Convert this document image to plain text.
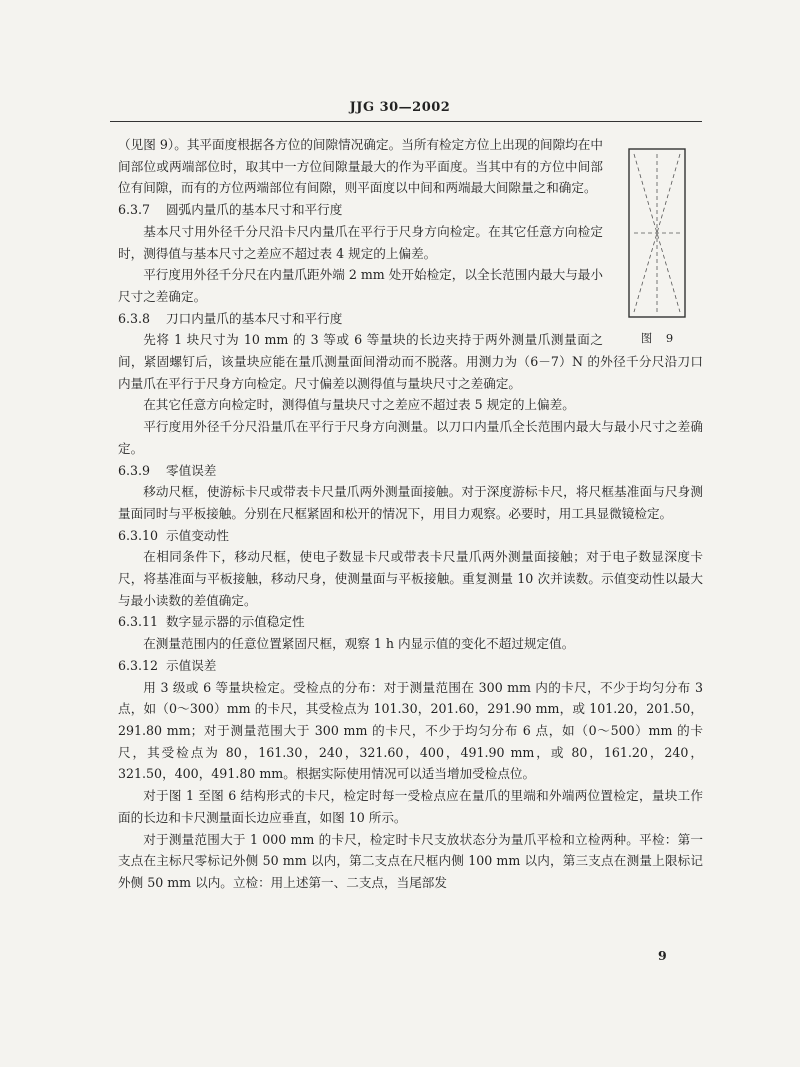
JJG 30—2002
图 9

（见图 9）。其平面度根据各方位的间隙情况确定。当所有检定方位上出现的间隙均在中间部位或两端部位时，取其中一方位间隙量最大的作为平面度。当其中有的方位中间部位有间隙，而有的方位两端部位有间隙，则平面度以中间和两端最大间隙量之和确定。

6.3.7 圆弧内量爪的基本尺寸和平行度

基本尺寸用外径千分尺沿卡尺内量爪在平行于尺身方向检定。在其它任意方向检定时，测得值与基本尺寸之差应不超过表 4 规定的上偏差。

平行度用外径千分尺在内量爪距外端 2 mm 处开始检定，以全长范围内最大与最小尺寸之差确定。

6.3.8 刀口内量爪的基本尺寸和平行度

先将 1 块尺寸为 10 mm 的 3 等或 6 等量块的长边夹持于两外测量爪测量面之间，紧固螺钉后，该量块应能在量爪测量面间滑动而不脱落。用测力为（6－7）N 的外径千分尺沿刀口内量爪在平行于尺身方向检定。尺寸偏差以测得值与量块尺寸之差确定。

在其它任意方向检定时，测得值与量块尺寸之差应不超过表 5 规定的上偏差。

平行度用外径千分尺沿量爪在平行于尺身方向测量。以刀口内量爪全长范围内最大与最小尺寸之差确定。

6.3.9 零值误差

移动尺框，使游标卡尺或带表卡尺量爪两外测量面接触。对于深度游标卡尺，将尺框基准面与尺身测量面同时与平板接触。分别在尺框紧固和松开的情况下，用目力观察。必要时，用工具显微镜检定。

6.3.10 示值变动性

在相同条件下，移动尺框，使电子数显卡尺或带表卡尺量爪两外测量面接触；对于电子数显深度卡尺，将基准面与平板接触，移动尺身，使测量面与平板接触。重复测量 10 次并读数。示值变动性以最大与最小读数的差值确定。

6.3.11 数字显示器的示值稳定性

在测量范围内的任意位置紧固尺框，观察 1 h 内显示值的变化不超过规定值。

6.3.12 示值误差

用 3 级或 6 等量块检定。受检点的分布：对于测量范围在 300 mm 内的卡尺，不少于均匀分布 3 点，如（0～300）mm 的卡尺，其受检点为 101.30，201.60，291.90 mm，或 101.20，201.50，291.80 mm；对于测量范围大于 300 mm 的卡尺，不少于均匀分布 6 点，如（0～500）mm 的卡尺，其受检点为 80，161.30，240，321.60，400，491.90 mm，或 80，161.20，240，321.50，400，491.80 mm。根据实际使用情况可以适当增加受检点位。

对于图 1 至图 6 结构形式的卡尺，检定时每一受检点应在量爪的里端和外端两位置检定，量块工作面的长边和卡尺测量面长边应垂直，如图 10 所示。

对于测量范围大于 1 000 mm 的卡尺，检定时卡尺支放状态分为量爪平检和立检两种。平检：第一支点在主标尺零标记外侧 50 mm 以内，第二支点在尺框内侧 100 mm 以内，第三支点在测量上限标记外侧 50 mm 以内。立检：用上述第一、二支点，当尾部发

9
